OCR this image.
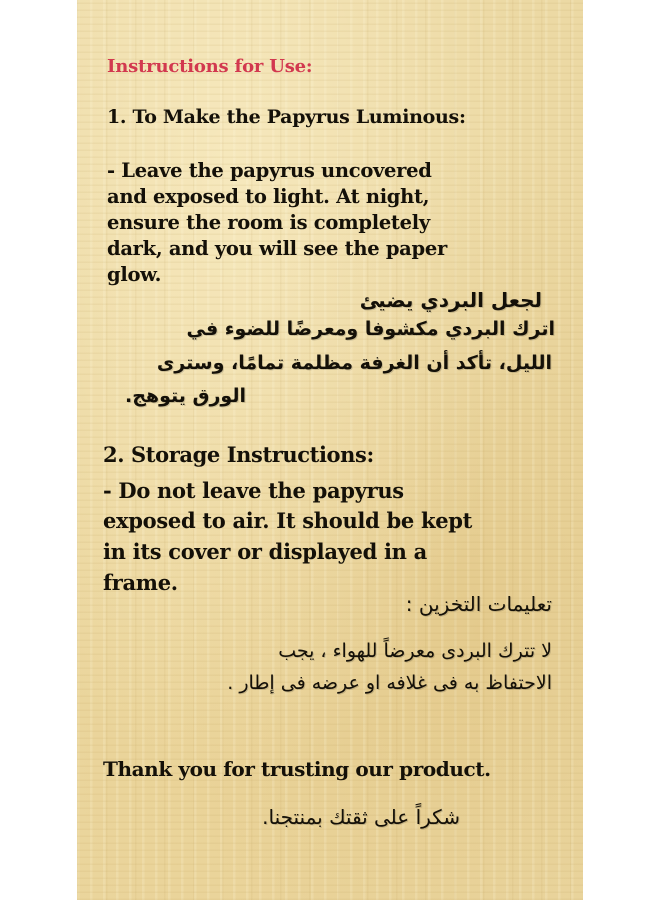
Instructions for Use:

1. To Make the Papyrus Luminous:

- Leave the papyrus uncovered

and exposed to light. At night,

ensure the room is completely

dark, and you will see the paper

glow.

لجعل البردي يضيئ

اترك البردي مكشوفا ومعرضًا للضوء في

الليل، تأكد أن الغرفة مظلمة تمامًا، وسترى

الورق يتوهج.

2. Storage Instructions:

- Do not leave the papyrus

exposed to air. It should be kept

in its cover or displayed in a

frame.

تعليمات التخزين :

لا تترك البردى معرضاً للهواء ، يجب

الاحتفاظ به فى غلافه او عرضه فى إطار .

Thank you for trusting our product.

شكراً على ثقتك بمنتجنا.
